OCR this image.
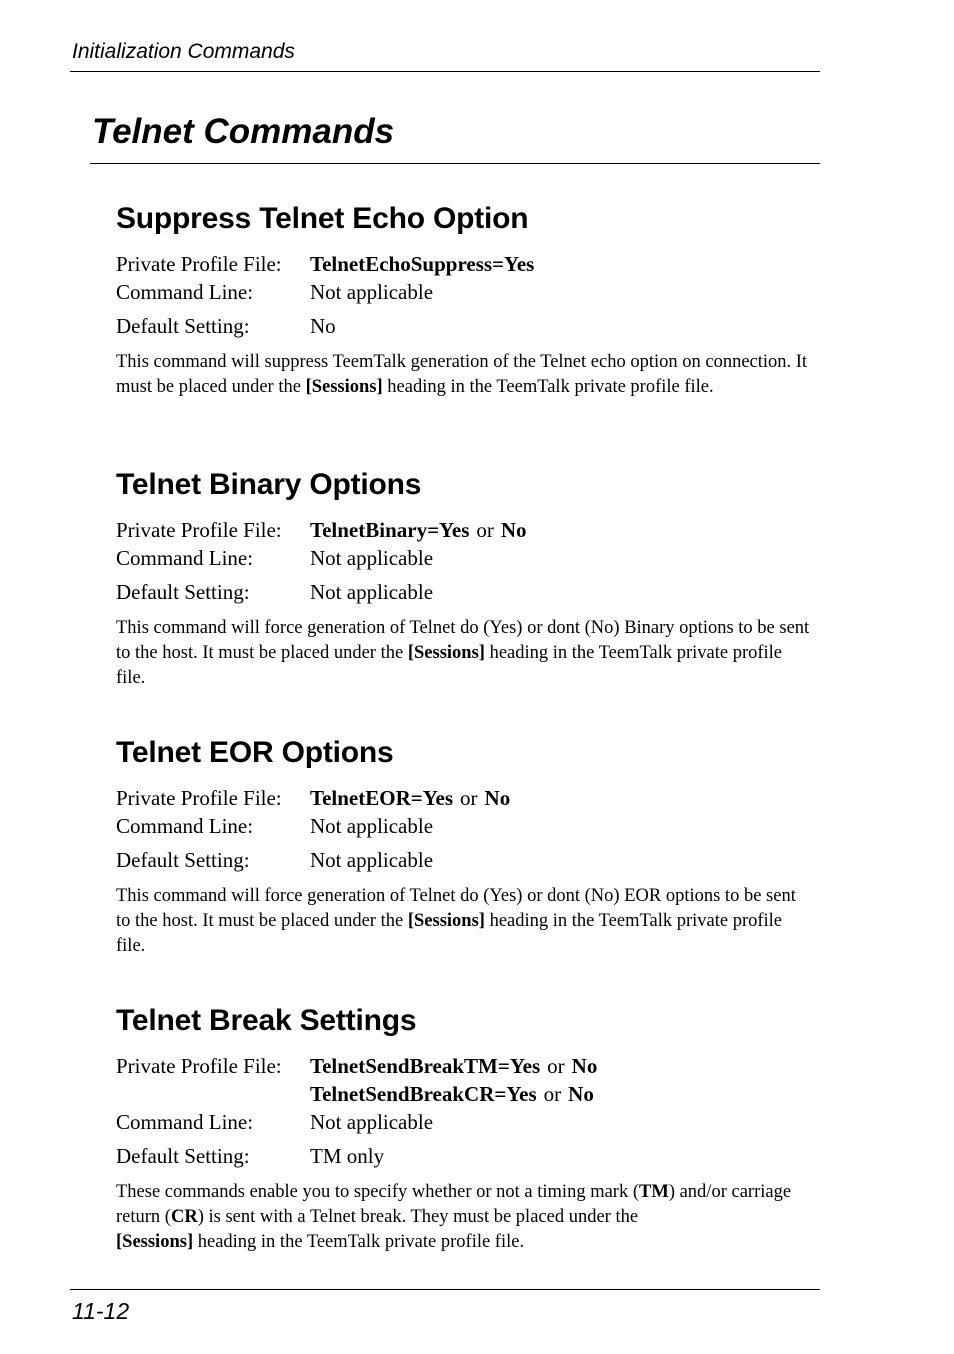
Initialization Commands
Telnet Commands
Suppress Telnet Echo Option
Private Profile File:	TelnetEchoSuppress=Yes
Command Line:	Not applicable
Default Setting:	No
This command will suppress TeemTalk generation of the Telnet echo option on connection. It must be placed under the [Sessions] heading in the TeemTalk private profile file.
Telnet Binary Options
Private Profile File:	TelnetBinary=Yes or No
Command Line:	Not applicable
Default Setting:	Not applicable
This command will force generation of Telnet do (Yes) or dont (No) Binary options to be sent to the host. It must be placed under the [Sessions] heading in the TeemTalk private profile file.
Telnet EOR Options
Private Profile File:	TelnetEOR=Yes or No
Command Line:	Not applicable
Default Setting:	Not applicable
This command will force generation of Telnet do (Yes) or dont (No) EOR options to be sent to the host. It must be placed under the [Sessions] heading in the TeemTalk private profile file.
Telnet Break Settings
Private Profile File:	TelnetSendBreakTM=Yes or No
TelnetSendBreakCR=Yes or No
Command Line:	Not applicable
Default Setting:	TM only
These commands enable you to specify whether or not a timing mark (TM) and/or carriage return (CR) is sent with a Telnet break. They must be placed under the
[Sessions] heading in the TeemTalk private profile file.
11-12
